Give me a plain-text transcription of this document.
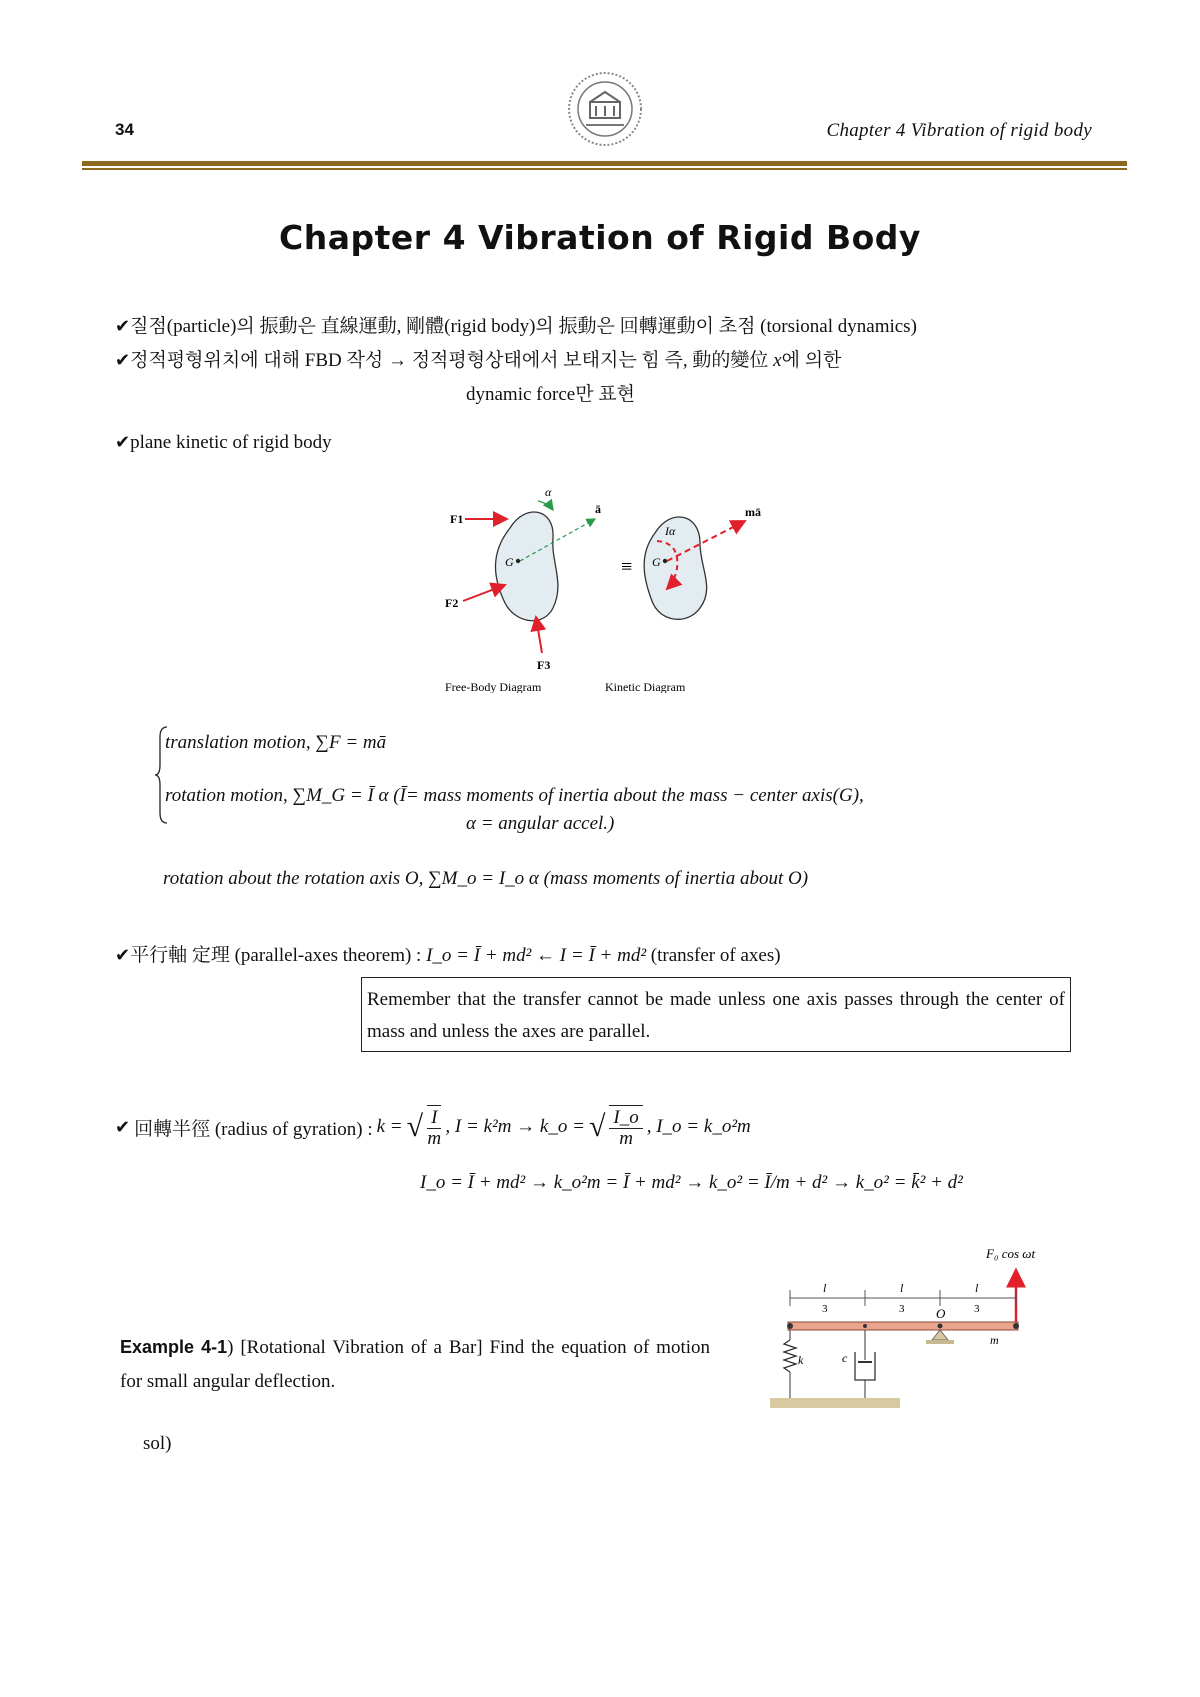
34	Chapter 4 Vibration of rigid body
Chapter 4 Vibration of Rigid Body
✔질점(particle)의 振動은 直線運動, 剛體(rigid body)의 振動은 回轉運動이 초점 (torsional dynamics)
✔정적평형위치에 대해 FBD 작성 → 정적평형상태에서 보태지는 힘 즉, 動的變位 x에 의한
dynamic force만 표현
✔plane kinetic of rigid body
G
ā
α
F1
F2
F3
≡ G
mā
Iα
Free-Body Diagram	Kinetic Diagram
translation motion, ∑F = mā
rotation motion, ∑M_G = Ī α (Ī= mass moments of inertia about the mass − center axis(G),
α = angular accel.)
rotation about the rotation axis O, ∑M_o = I_o α (mass moments of inertia about O)
✔平行軸 定理 (parallel-axes theorem) : I_o = Ī + md² ← I = Ī + md² (transfer of axes)
Remember that the transfer cannot be made unless one axis passes through the center of mass and unless the axes are parallel.
✔ 回轉半徑 (radius of gyration) : k = √ I
m
, I = k²m → k_o = √ I_o
m
, I_o = k_o²m
I_o = Ī + md² → k_o²m = Ī + md² → k_o² = Ī/m + d² → k_o² = k̄² + d²
Example 4-1) [Rotational Vibration of a Bar] Find the equation of motion for small angular deflection.
sol)
F₀ cos ωt
l
3
l
3
l
3
O
m
k	c
